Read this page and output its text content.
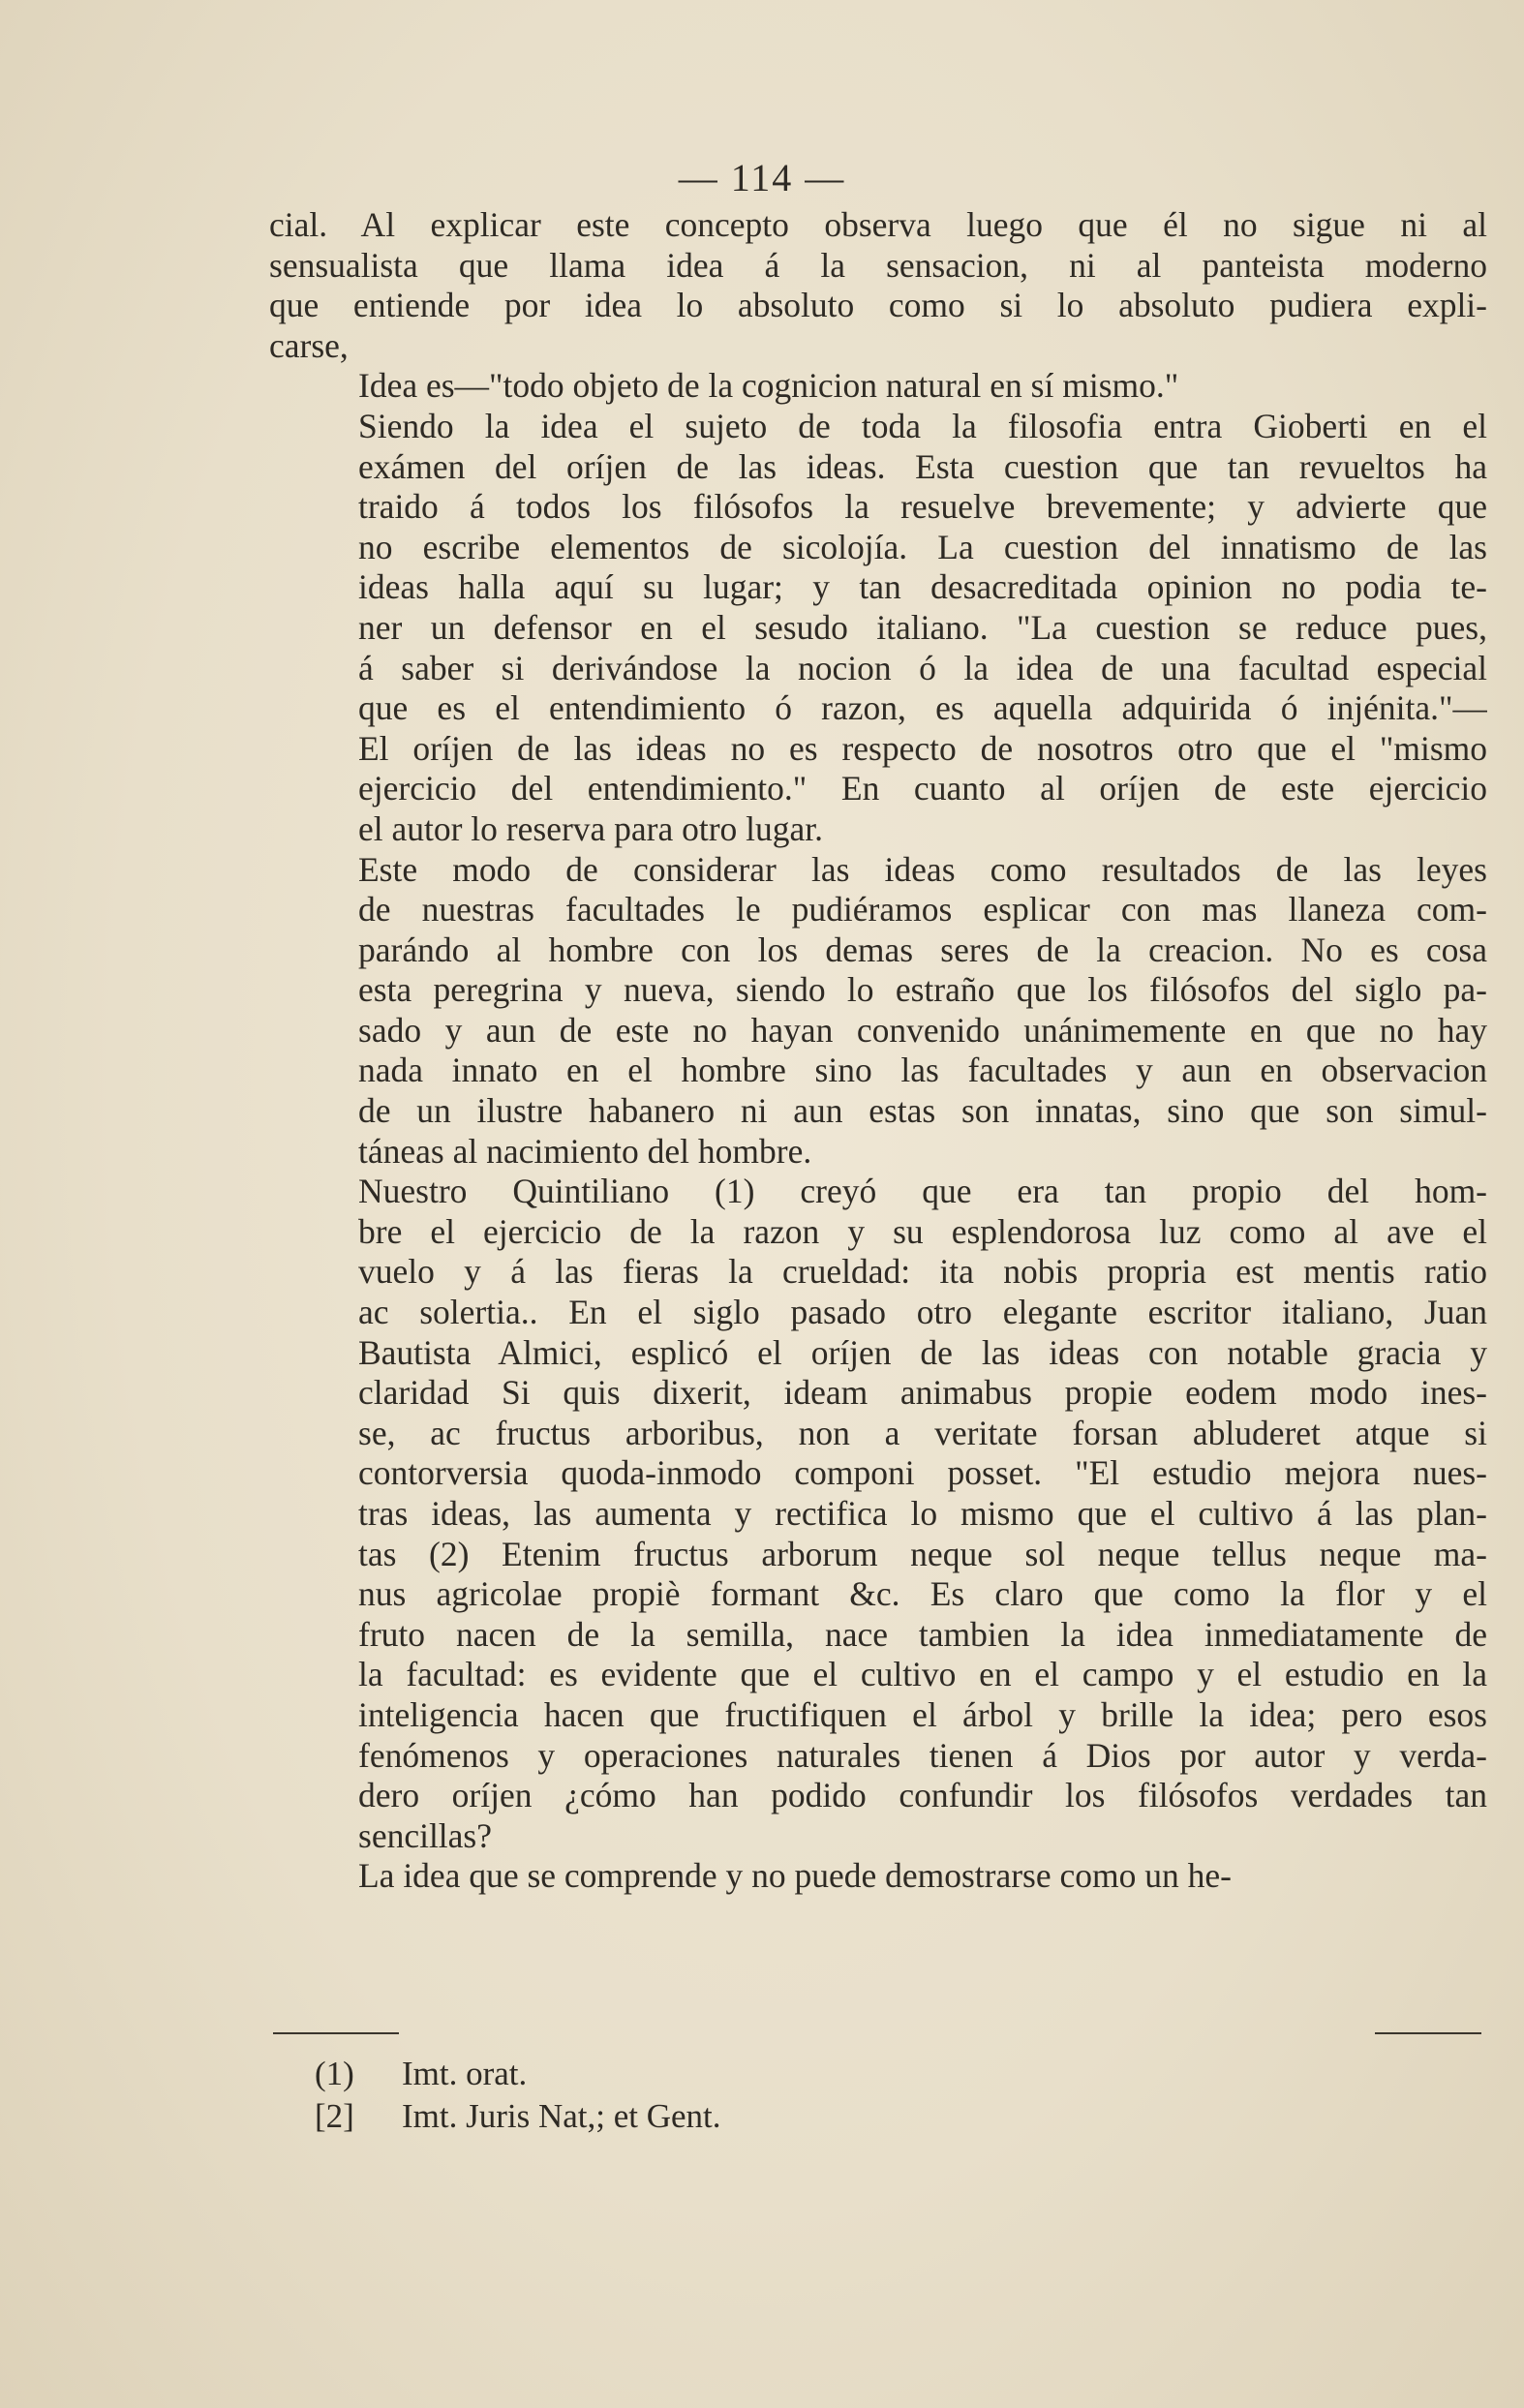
— 114 —

cial. Al explicar este concepto observa luego que él no sigue ni al
sensualista que llama idea á la sensacion, ni al panteista moderno
que entiende por idea lo absoluto como si lo absoluto pudiera expli-
carse,

Idea es—"todo objeto de la cognicion natural en sí mismo."

Siendo la idea el sujeto de toda la filosofia entra Gioberti en el
exámen del oríjen de las ideas. Esta cuestion que tan revueltos ha
traido á todos los filósofos la resuelve brevemente; y advierte que
no escribe elementos de sicolojía. La cuestion del innatismo de las
ideas halla aquí su lugar; y tan desacreditada opinion no podia te-
ner un defensor en el sesudo italiano. "La cuestion se reduce pues,
á saber si derivándose la nocion ó la idea de una facultad especial
que es el entendimiento ó razon, es aquella adquirida ó injénita."—
El oríjen de las ideas no es respecto de nosotros otro que el "mismo
ejercicio del entendimiento." En cuanto al oríjen de este ejercicio
el autor lo reserva para otro lugar.

Este modo de considerar las ideas como resultados de las leyes
de nuestras facultades le pudiéramos esplicar con mas llaneza com-
parándo al hombre con los demas seres de la creacion. No es cosa
esta peregrina y nueva, siendo lo estraño que los filósofos del siglo pa-
sado y aun de este no hayan convenido unánimemente en que no hay
nada innato en el hombre sino las facultades y aun en observacion
de un ilustre habanero ni aun estas son innatas, sino que son simul-
táneas al nacimiento del hombre.

Nuestro Quintiliano (1) creyó que era tan propio del hom-
bre el ejercicio de la razon y su esplendorosa luz como al ave el
vuelo y á las fieras la crueldad: ita nobis propria est mentis ratio
ac solertia.. En el siglo pasado otro elegante escritor italiano, Juan
Bautista Almici, esplicó el oríjen de las ideas con notable gracia y
claridad Si quis dixerit, ideam animabus propie eodem modo ines-
se, ac fructus arboribus, non a veritate forsan abluderet atque si
contorversia quoda-inmodo componi posset. "El estudio mejora nues-
tras ideas, las aumenta y rectifica lo mismo que el cultivo á las plan-
tas (2) Etenim fructus arborum neque sol neque tellus neque ma-
nus agricolae propiè formant &c. Es claro que como la flor y el
fruto nacen de la semilla, nace tambien la idea inmediatamente de
la facultad: es evidente que el cultivo en el campo y el estudio en la
inteligencia hacen que fructifiquen el árbol y brille la idea; pero esos
fenómenos y operaciones naturales tienen á Dios por autor y verda-
dero oríjen ¿cómo han podido confundir los filósofos verdades tan
sencillas?

La idea que se comprende y no puede demostrarse como un he-

(1) Imt. orat.
[2] Imt. Juris Nat,; et Gent.
